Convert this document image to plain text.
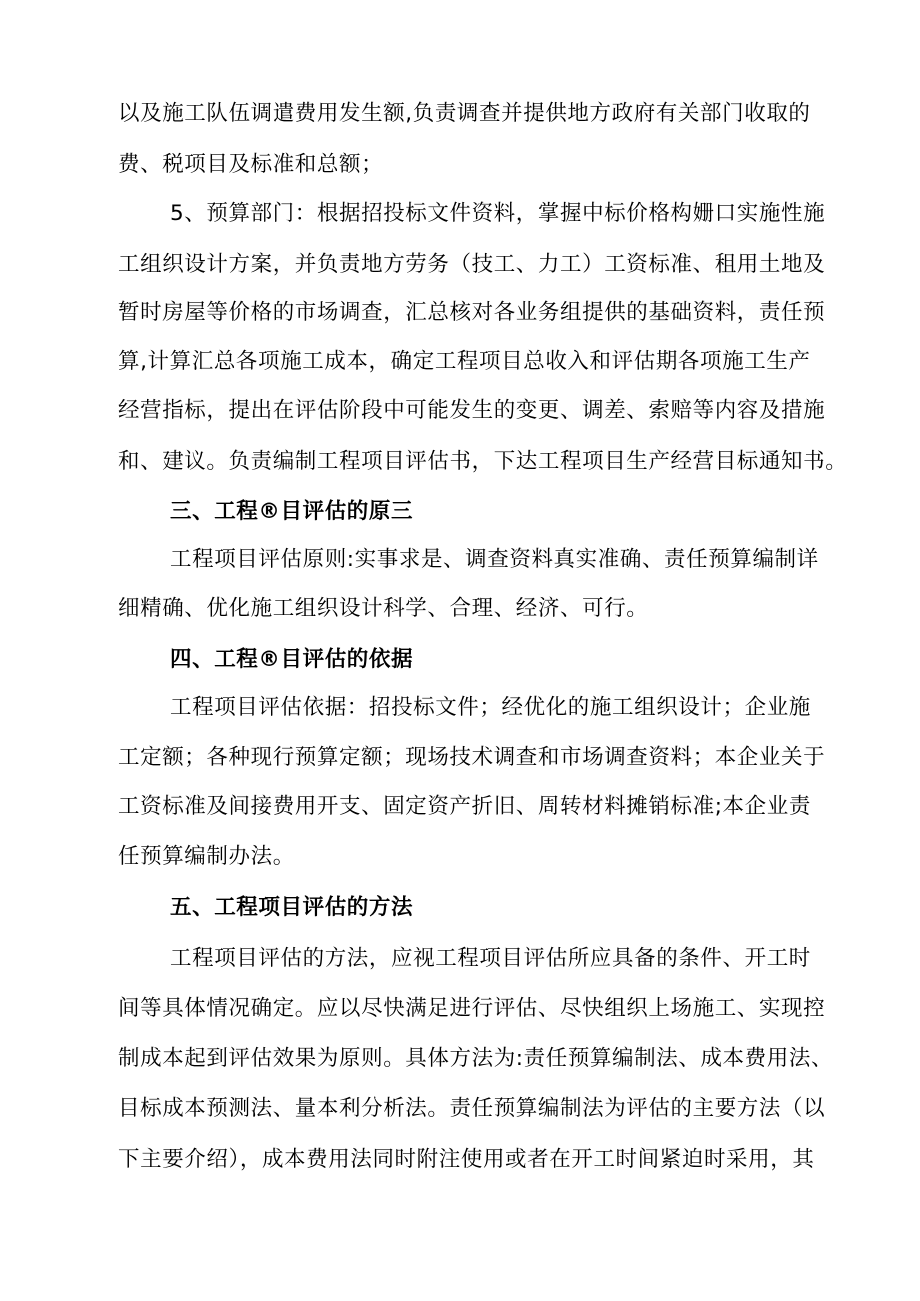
以及施工队伍调遣费用发生额,负责调查并提供地方政府有关部门收取的
费、税项目及标准和总额；
5、预算部门：根据招投标文件资料，掌握中标价格构姗口实施性施
工组织设计方案，并负责地方劳务（技工、力工）工资标准、租用土地及
暂时房屋等价格的市场调查，汇总核对各业务组提供的基础资料，责任预
算,计算汇总各项施工成本，确定工程项目总收入和评估期各项施工生产
经营指标，提出在评估阶段中可能发生的变更、调差、索赔等内容及措施
和、建议。负责编制工程项目评估书，下达工程项目生产经营目标通知书。
三、工程®目评估的原三
工程项目评估原则:实事求是、调查资料真实准确、责任预算编制详
细精确、优化施工组织设计科学、合理、经济、可行。
四、工程®目评估的依据
工程项目评估依据：招投标文件；经优化的施工组织设计；企业施
工定额；各种现行预算定额；现场技术调查和市场调查资料；本企业关于
工资标准及间接费用开支、固定资产折旧、周转材料摊销标准;本企业责
任预算编制办法。
五、工程项目评估的方法
工程项目评估的方法，应视工程项目评估所应具备的条件、开工时
间等具体情况确定。应以尽快满足进行评估、尽快组织上场施工、实现控
制成本起到评估效果为原则。具体方法为:责任预算编制法、成本费用法、
目标成本预测法、量本利分析法。责任预算编制法为评估的主要方法（以
下主要介绍），成本费用法同时附注使用或者在开工时间紧迫时采用，其
